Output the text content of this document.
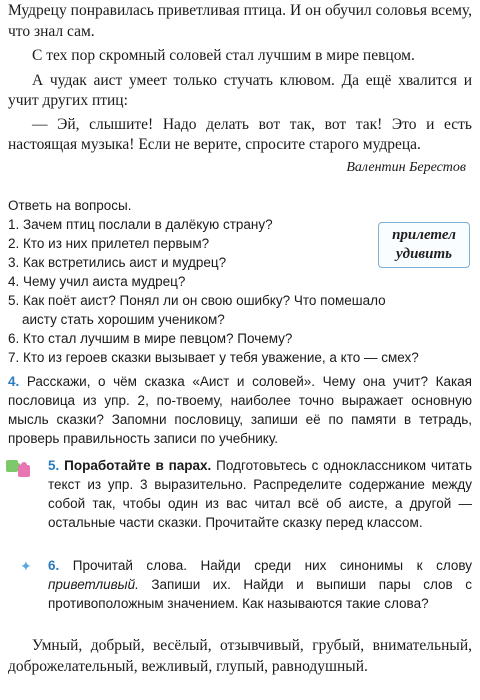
Мудрецу понравилась приветливая птица. И он обучил соловья всему, что знал сам.

С тех пор скромный соловей стал лучшим в мире певцом.

А чудак аист умеет только стучать клювом. Да ещё хвалится и учит других птиц:

— Эй, слышите! Надо делать вот так, вот так! Это и есть настоящая музыка! Если не верите, спросите старого мудреца.

Валентин Берестов
Ответь на вопросы.
1. Зачем птиц послали в далёкую страну?
2. Кто из них прилетел первым?
3. Как встретились аист и мудрец?
4. Чему учил аиста мудрец?
5. Как поёт аист? Понял ли он свою ошибку? Что помешало
аисту стать хорошим учеником?
6. Кто стал лучшим в мире певцом? Почему?
7. Кто из героев сказки вызывает у тебя уважение, а кто — смех?
прилетел
удивить
4. Расскажи, о чём сказка «Аист и соловей». Чему она учит? Какая пословица из упр. 2, по-твоему, наиболее точно выражает основную мысль сказки? Запомни пословицу, запиши её по памяти в тетрадь, проверь правильность записи по учебнику.
5. Поработайте в парах. Подготовьтесь с одноклассником читать текст из упр. 3 выразительно. Распределите содержание между собой так, чтобы один из вас читал всё об аисте, а другой — остальные части сказки. Прочитайте сказку перед классом.
✦	6. Прочитай слова. Найди среди них синонимы к слову приветливый. Запиши их. Найди и выпиши пары слов с противоположным значением. Как называются такие слова?

Умный, добрый, весёлый, отзывчивый, грубый, внимательный, доброжелательный, вежливый, глупый, равнодушный.
